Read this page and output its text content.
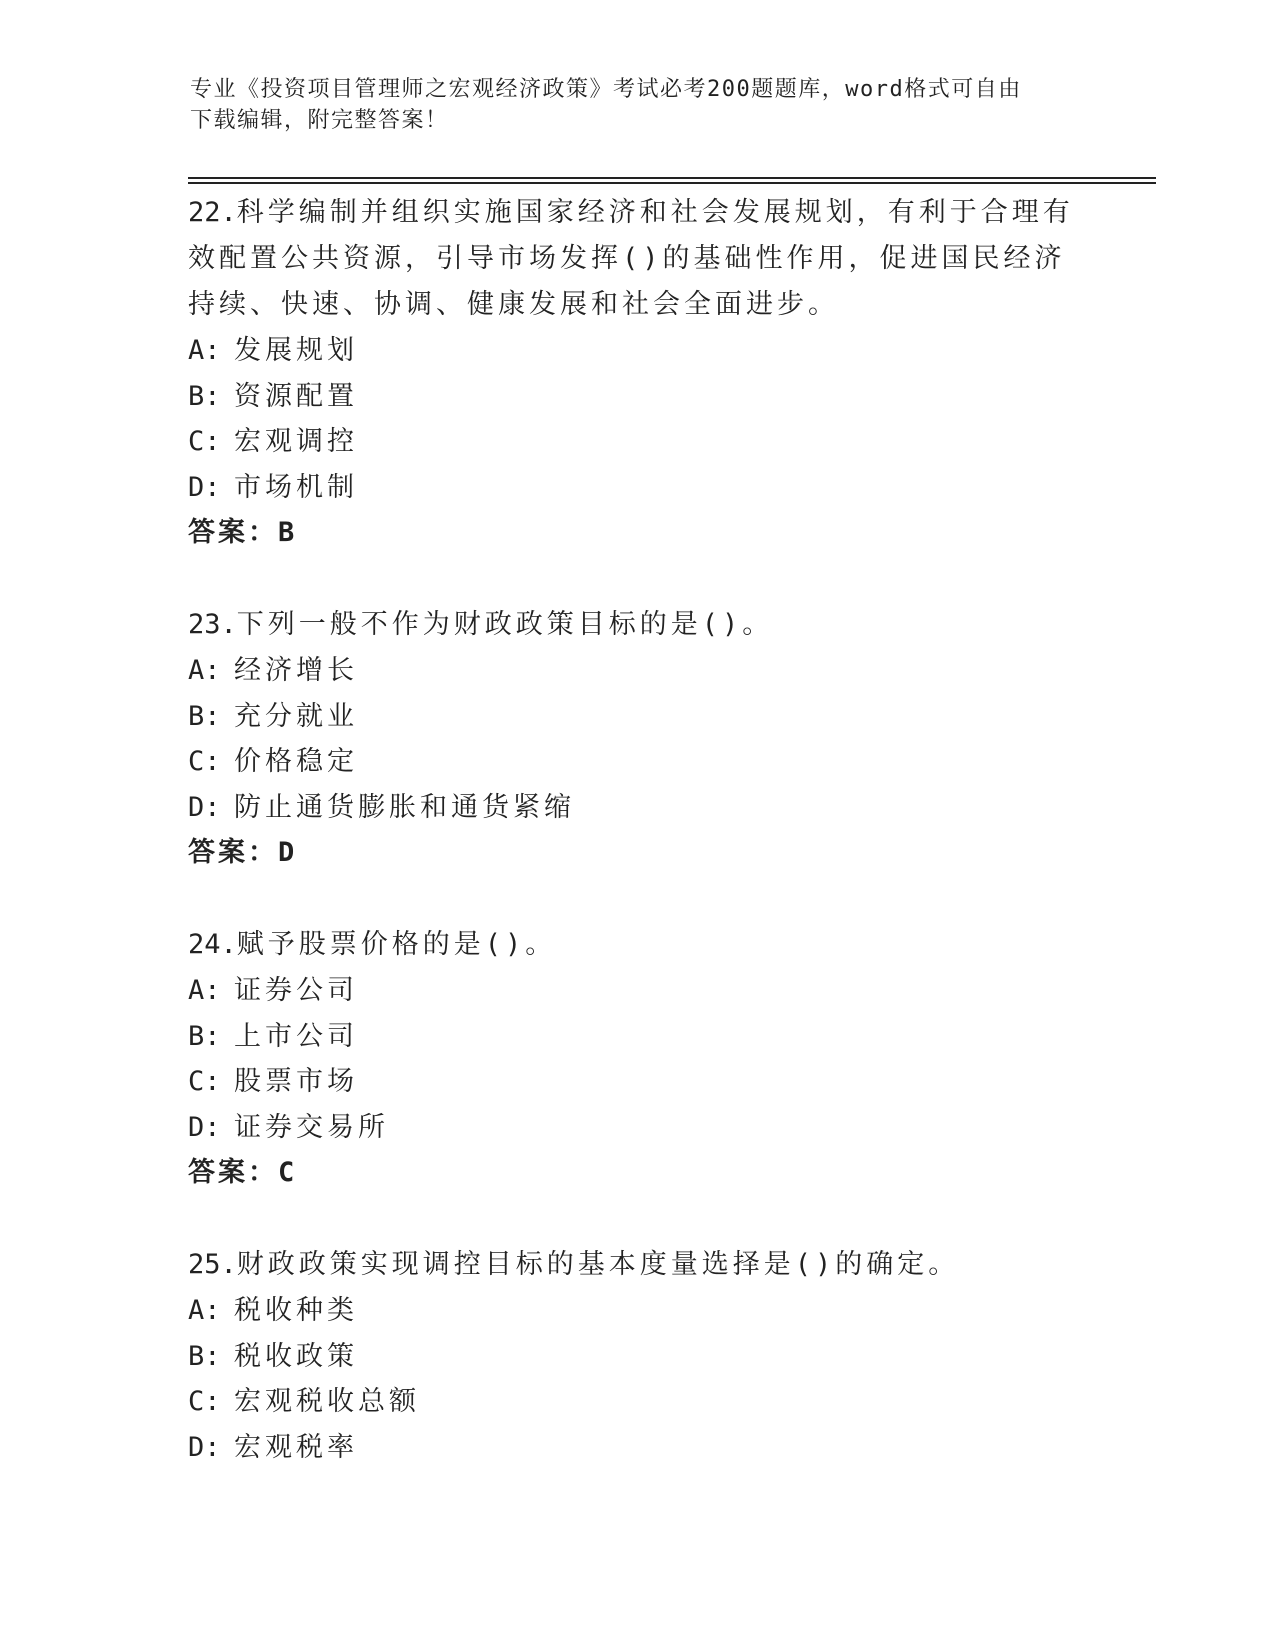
专业《投资项目管理师之宏观经济政策》考试必考200题题库，word格式可自由
下载编辑，附完整答案！
22.科学编制并组织实施国家经济和社会发展规划，有利于合理有效配置公共资源，引导市场发挥()的基础性作用，促进国民经济持续、快速、协调、健康发展和社会全面进步。
A: 发展规划
B: 资源配置
C: 宏观调控
D: 市场机制
答案：B
23.下列一般不作为财政政策目标的是()。
A: 经济增长
B: 充分就业
C: 价格稳定
D: 防止通货膨胀和通货紧缩
答案：D
24.赋予股票价格的是()。
A: 证券公司
B: 上市公司
C: 股票市场
D: 证券交易所
答案：C
25.财政政策实现调控目标的基本度量选择是()的确定。
A: 税收种类
B: 税收政策
C: 宏观税收总额
D: 宏观税率
